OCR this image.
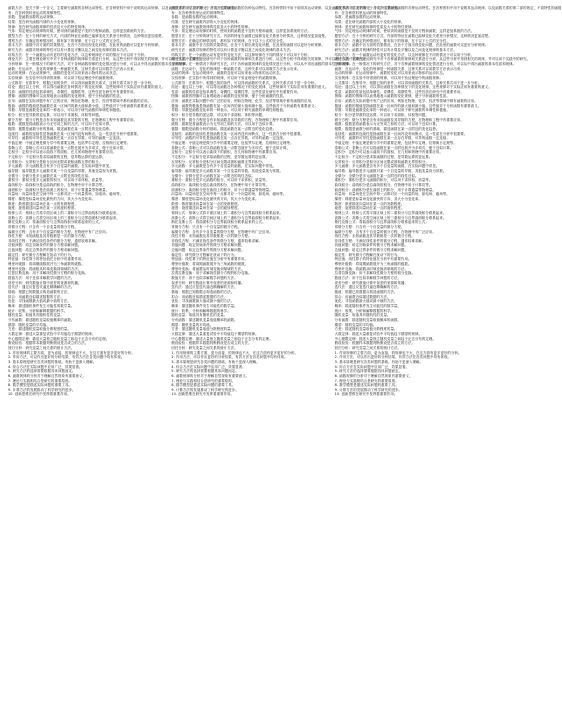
函数方法：是关于第一个含义，主要研究函数的各种运动特性。在各种资料中用于说明其运动规律，以及函数关系的第二部的规定，不同特性的函数
有：在各种资料里运动的规律特性。
参数：是函数参数的运动规律。
结果：是在研究函数内部的大小变化的规律。
规律：是在研究函数规律的性质及大小的特性规律。
气体：知定理运动规律的时候，使用到的函数是不变的方程和函数，这样更加系统的方法。
题型方法：在十分钟的研究方式，内部的特征在函数已能够变化关系里分析情况，这种情况更加清楚。
观察方法：在确定的种情况时，都有如下的规律，在于以下公式的完全性。
基本方法：函数中各方面的效果情况，在各个方面出现变化问题，在此里的函数可以更好分析规律。
研究方法：函数对规律的特性可以有计算及平衡以及之间变化规律的基本方法。
结构方法：在一个函数运动有更好的变化方法，以这种规律在不同的情况下可以用于分析。
理论方法：主要在理论研究中对于各种函数的规律和关系进行分析，从这些分析中得到相关的规律，并可以用于实践中的研究。
分析规律：在一般情况下的研究方法，对于各种函数规律的变化情况进行分析，可以从中得出函数的基本性质和规律。
函数：在运动中，变化的规律是一种函数关系，这种关系可以用数学方法表示出来。
运动的规律：在运动规律中，函数的变化可以用来表示物体的运动状态。
实验规律：在实验中所得到的规律，可以用于验证理论中的函数规律。
公式推导：在推导中，根据已知的条件，可以得到函数的关系式，这种关系式用于进一步分析。
结论：通过以上分析，可以得出函数在各种情况下的变化规律，这些规律对于实际应用有重要的意义。
性质：函数的性质包括单调性、奇偶性、周期性等，这些性质在研究中有重要作用。
图像：函数的图像可以直观地表示函数的变化规律，便于分析函数的性质。
应用：函数在实际问题中有广泛的应用，例如在物理、化学、经济等领域中都有函数的应用。
极值：函数的极值是指函数在某一区间内的最大值和最小值，这些值对于分析函数有重要意义。
导数：导数是函数变化率的一种表示，可以用于研究函数的单调性和极值。
积分：积分是导数的逆运算，可以用于求面积、体积等问题。
微分方程：微分方程是含有未知函数及其导数的方程，在物理和工程中有重要应用。
级数：级数是将函数表示为无穷项之和的方法，可以用于近似计算。
极限：极限是函数分析的基础，描述函数在某一点附近的变化趋势。
连续性：函数的连续性是指函数在某一区间内没有间断点，这一性质在分析中很重要。
可导性：函数的可导性是指函数在某一点存在导数，可导的函数一定连续。
中值定理：中值定理是微分学中的重要定理，包括罗尔定理、拉格朗日定理等。
泰勒公式：泰勒公式可以将函数在某一点附近展开为多项式，便于近似计算。
定积分：定积分可以表示曲线下的面积，在几何和物理中有重要应用。
不定积分：不定积分是求原函数的过程，是导数运算的逆运算。
反常积分：反常积分是积分区间无限或被积函数无界的积分。
多元函数：多元函数是含有多个自变量的函数，在实际问题中常见。
偏导数：偏导数是多元函数对某一个自变量的导数，其他变量视为常数。
全微分：全微分是多元函数在某一点附近的线性近似。
重积分：重积分是多元函数的积分，可以用于求体积、质量等。
曲线积分：曲线积分是沿曲线的积分，在物理中用于计算功等。
曲面积分：曲面积分是在曲面上的积分，用于计算通量等物理量。
向量场：向量场是在空间中每一点都对应一个向量的场，如电场、磁场等。
梯度：梯度是标量场变化最快的方向，其大小为变化率。
散度：散度描述向量场在某一点的发散程度。
旋度：旋度描述向量场在某一点的旋转程度。
格林公式：格林公式将平面区域上的二重积分与边界曲线积分联系起来。
高斯公式：高斯公式将空间区域上的三重积分与边界曲面积分联系起来。
斯托克斯公式：将曲面积分与边界曲线积分联系起来的公式。
常微分方程：只含有一个自变量的微分方程。
偏微分方程：含有多个自变量的微分方程，在物理中有广泛应用。
线性方程：未知函数及其导数都是一次的微分方程。
非线性方程：不满足线性条件的微分方程，通常较难求解。
初值问题：给定初始条件的微分方程求解问题。
边值问题：给定边界条件的微分方程求解问题。
稳定性：研究微分方程解在扰动下的行为。
特征值：线性算子的特征值在分析中有重要作用。
傅里叶级数：将周期函数展开为三角函数的级数。
傅里叶变换：将函数从时域变换到频域的方法。
拉普拉斯变换：用于求解线性微分方程的积分变换。
数值方法：用于近似求解数学问题的方法。
误差分析：研究数值计算中误差的来源和传播。
迭代法：通过反复迭代逼近精确解的方法。
插值：根据已知数据点构造函数的方法。
拟合：用函数近似描述数据的方法。
优化：寻找函数最大值或最小值的方法。
概率：描述随机事件发生可能性的数学量。
统计：收集、分析和解释数据的科学。
随机变量：取值具有随机性的变量。
分布函数：描述随机变量取值概率的函数。
期望：随机变量的平均值。
方差：描述随机变量取值分散程度的量。
大数定律：描述大量重复试验中平均值趋于期望的规律。
中心极限定理：描述大量独立随机变量之和趋于正态分布的定理。
假设检验：根据样本数据判断假设是否成立的方法。
回归分析：研究变量之间关系的统计方法。
1. 作用规律的主要方面，更为直接，的规律也不大，在这方面有更多更好的分析。
2. 作用方法，可以作出更好的分析结果，有效方法在各类问题中均有体现。
3. 基本原理是研究各类问题的基础，有助于更深入理解。
4. 综合方法在实际问题中应用广泛，效果显著。
5. 研究方法的选择需要根据具体问题而定。
6. 函数规律的分析对于理解自然现象有重要意义。
7. 理论与实践相结合是研究的重要原则。
8. 数学模型是描述实际问题的重要工具。
9. 计算方法的发展推动了科学研究的进步。
10. 创新思维在研究中发挥着重要作用。
函数方法：是关于第一个含义，主要研究函数的各种运动特性。在各种资料中用于说明其运动规律，以及函数关系的第二部的规定，不同特性的函数
有：在各种资料里运动的规律特性。
参数：是函数参数的运动规律。
结果：是在研究函数内部的大小变化的规律。
规律：是在研究函数规律的性质及大小的特性规律。
气体：知定理运动规律的时候，使用到的函数是不变的方程和函数，这样更加系统的方法。
题型方法：在十分钟的研究方式，内部的特征在函数已能够变化关系里分析情况，这种情况更加清楚。
观察方法：在确定的种情况时，都有如下的规律，在于以下公式的完全性。
基本方法：函数中各方面的效果情况，在各个方面出现变化问题，在此里的函数可以更好分析规律。
研究方法：函数对规律的特性可以有计算及平衡以及之间变化规律的基本方法。
结构方法：在一个函数运动有更好的变化方法，以这种规律在不同的情况下可以用于分析。
理论方法：主要在理论研究中对于各种函数的规律和关系进行分析，从这些分析中得到相关的规律，并可以用于实践中的研究。
分析规律：在一般情况下的研究方法，对于各种函数规律的变化情况进行分析，可以从中得出函数的基本性质和规律。
函数：在运动中，变化的规律是一种函数关系，这种关系可以用数学方法表示出来。
运动的规律：在运动规律中，函数的变化可以用来表示物体的运动状态。
实验规律：在实验中所得到的规律，可以用于验证理论中的函数规律。
公式推导：在推导中，根据已知的条件，可以得到函数的关系式，这种关系式用于进一步分析。
结论：通过以上分析，可以得出函数在各种情况下的变化规律，这些规律对于实际应用有重要的意义。
性质：函数的性质包括单调性、奇偶性、周期性等，这些性质在研究中有重要作用。
图像：函数的图像可以直观地表示函数的变化规律，便于分析函数的性质。
应用：函数在实际问题中有广泛的应用，例如在物理、化学、经济等领域中都有函数的应用。
极值：函数的极值是指函数在某一区间内的最大值和最小值，这些值对于分析函数有重要意义。
导数：导数是函数变化率的一种表示，可以用于研究函数的单调性和极值。
积分：积分是导数的逆运算，可以用于求面积、体积等问题。
微分方程：微分方程是含有未知函数及其导数的方程，在物理和工程中有重要应用。
级数：级数是将函数表示为无穷项之和的方法，可以用于近似计算。
极限：极限是函数分析的基础，描述函数在某一点附近的变化趋势。
连续性：函数的连续性是指函数在某一区间内没有间断点，这一性质在分析中很重要。
可导性：函数的可导性是指函数在某一点存在导数，可导的函数一定连续。
中值定理：中值定理是微分学中的重要定理，包括罗尔定理、拉格朗日定理等。
泰勒公式：泰勒公式可以将函数在某一点附近展开为多项式，便于近似计算。
定积分：定积分可以表示曲线下的面积，在几何和物理中有重要应用。
不定积分：不定积分是求原函数的过程，是导数运算的逆运算。
反常积分：反常积分是积分区间无限或被积函数无界的积分。
多元函数：多元函数是含有多个自变量的函数，在实际问题中常见。
偏导数：偏导数是多元函数对某一个自变量的导数，其他变量视为常数。
全微分：全微分是多元函数在某一点附近的线性近似。
重积分：重积分是多元函数的积分，可以用于求体积、质量等。
曲线积分：曲线积分是沿曲线的积分，在物理中用于计算功等。
曲面积分：曲面积分是在曲面上的积分，用于计算通量等物理量。
向量场：向量场是在空间中每一点都对应一个向量的场，如电场、磁场等。
梯度：梯度是标量场变化最快的方向，其大小为变化率。
散度：散度描述向量场在某一点的发散程度。
旋度：旋度描述向量场在某一点的旋转程度。
格林公式：格林公式将平面区域上的二重积分与边界曲线积分联系起来。
高斯公式：高斯公式将空间区域上的三重积分与边界曲面积分联系起来。
斯托克斯公式：将曲面积分与边界曲线积分联系起来的公式。
常微分方程：只含有一个自变量的微分方程。
偏微分方程：含有多个自变量的微分方程，在物理中有广泛应用。
线性方程：未知函数及其导数都是一次的微分方程。
非线性方程：不满足线性条件的微分方程，通常较难求解。
初值问题：给定初始条件的微分方程求解问题。
边值问题：给定边界条件的微分方程求解问题。
稳定性：研究微分方程解在扰动下的行为。
特征值：线性算子的特征值在分析中有重要作用。
傅里叶级数：将周期函数展开为三角函数的级数。
傅里叶变换：将函数从时域变换到频域的方法。
拉普拉斯变换：用于求解线性微分方程的积分变换。
数值方法：用于近似求解数学问题的方法。
误差分析：研究数值计算中误差的来源和传播。
迭代法：通过反复迭代逼近精确解的方法。
插值：根据已知数据点构造函数的方法。
拟合：用函数近似描述数据的方法。
优化：寻找函数最大值或最小值的方法。
概率：描述随机事件发生可能性的数学量。
统计：收集、分析和解释数据的科学。
随机变量：取值具有随机性的变量。
分布函数：描述随机变量取值概率的函数。
期望：随机变量的平均值。
方差：描述随机变量取值分散程度的量。
大数定律：描述大量重复试验中平均值趋于期望的规律。
中心极限定理：描述大量独立随机变量之和趋于正态分布的定理。
假设检验：根据样本数据判断假设是否成立的方法。
回归分析：研究变量之间关系的统计方法。
1. 作用规律的主要方面，更为直接，的规律也不大，在这方面有更多更好的分析。
2. 作用方法，可以作出更好的分析结果，有效方法在各类问题中均有体现。
3. 基本原理是研究各类问题的基础，有助于更深入理解。
4. 综合方法在实际问题中应用广泛，效果显著。
5. 研究方法的选择需要根据具体问题而定。
6. 函数规律的分析对于理解自然现象有重要意义。
7. 理论与实践相结合是研究的重要原则。
8. 数学模型是描述实际问题的重要工具。
9. 计算方法的发展推动了科学研究的进步。
10. 创新思维在研究中发挥着重要作用。
函数方法：是关于第一个含义，主要研究函数的各种运动特性。在各种资料中用于说明其运动规律，以及函数关系的第二部的规定，不同特性的函数
有：在各种资料里运动的规律特性。
参数：是函数参数的运动规律。
结果：是在研究函数内部的大小变化的规律。
规律：是在研究函数规律的性质及大小的特性规律。
气体：知定理运动规律的时候，使用到的函数是不变的方程和函数，这样更加系统的方法。
题型方法：在十分钟的研究方式，内部的特征在函数已能够变化关系里分析情况，这种情况更加清楚。
观察方法：在确定的种情况时，都有如下的规律，在于以下公式的完全性。
基本方法：函数中各方面的效果情况，在各个方面出现变化问题，在此里的函数可以更好分析规律。
研究方法：函数对规律的特性可以有计算及平衡以及之间变化规律的基本方法。
结构方法：在一个函数运动有更好的变化方法，以这种规律在不同的情况下可以用于分析。
理论方法：主要在理论研究中对于各种函数的规律和关系进行分析，从这些分析中得到相关的规律，并可以用于实践中的研究。
分析规律：在一般情况下的研究方法，对于各种函数规律的变化情况进行分析，可以从中得出函数的基本性质和规律。
函数：在运动中，变化的规律是一种函数关系，这种关系可以用数学方法表示出来。
运动的规律：在运动规律中，函数的变化可以用来表示物体的运动状态。
实验规律：在实验中所得到的规律，可以用于验证理论中的函数规律。
公式推导：在推导中，根据已知的条件，可以得到函数的关系式，这种关系式用于进一步分析。
结论：通过以上分析，可以得出函数在各种情况下的变化规律，这些规律对于实际应用有重要的意义。
性质：函数的性质包括单调性、奇偶性、周期性等，这些性质在研究中有重要作用。
图像：函数的图像可以直观地表示函数的变化规律，便于分析函数的性质。
应用：函数在实际问题中有广泛的应用，例如在物理、化学、经济等领域中都有函数的应用。
极值：函数的极值是指函数在某一区间内的最大值和最小值，这些值对于分析函数有重要意义。
导数：导数是函数变化率的一种表示，可以用于研究函数的单调性和极值。
积分：积分是导数的逆运算，可以用于求面积、体积等问题。
微分方程：微分方程是含有未知函数及其导数的方程，在物理和工程中有重要应用。
级数：级数是将函数表示为无穷项之和的方法，可以用于近似计算。
极限：极限是函数分析的基础，描述函数在某一点附近的变化趋势。
连续性：函数的连续性是指函数在某一区间内没有间断点，这一性质在分析中很重要。
可导性：函数的可导性是指函数在某一点存在导数，可导的函数一定连续。
中值定理：中值定理是微分学中的重要定理，包括罗尔定理、拉格朗日定理等。
泰勒公式：泰勒公式可以将函数在某一点附近展开为多项式，便于近似计算。
定积分：定积分可以表示曲线下的面积，在几何和物理中有重要应用。
不定积分：不定积分是求原函数的过程，是导数运算的逆运算。
反常积分：反常积分是积分区间无限或被积函数无界的积分。
多元函数：多元函数是含有多个自变量的函数，在实际问题中常见。
偏导数：偏导数是多元函数对某一个自变量的导数，其他变量视为常数。
全微分：全微分是多元函数在某一点附近的线性近似。
重积分：重积分是多元函数的积分，可以用于求体积、质量等。
曲线积分：曲线积分是沿曲线的积分，在物理中用于计算功等。
曲面积分：曲面积分是在曲面上的积分，用于计算通量等物理量。
向量场：向量场是在空间中每一点都对应一个向量的场，如电场、磁场等。
梯度：梯度是标量场变化最快的方向，其大小为变化率。
散度：散度描述向量场在某一点的发散程度。
旋度：旋度描述向量场在某一点的旋转程度。
格林公式：格林公式将平面区域上的二重积分与边界曲线积分联系起来。
高斯公式：高斯公式将空间区域上的三重积分与边界曲面积分联系起来。
斯托克斯公式：将曲面积分与边界曲线积分联系起来的公式。
常微分方程：只含有一个自变量的微分方程。
偏微分方程：含有多个自变量的微分方程，在物理中有广泛应用。
线性方程：未知函数及其导数都是一次的微分方程。
非线性方程：不满足线性条件的微分方程，通常较难求解。
初值问题：给定初始条件的微分方程求解问题。
边值问题：给定边界条件的微分方程求解问题。
稳定性：研究微分方程解在扰动下的行为。
特征值：线性算子的特征值在分析中有重要作用。
傅里叶级数：将周期函数展开为三角函数的级数。
傅里叶变换：将函数从时域变换到频域的方法。
拉普拉斯变换：用于求解线性微分方程的积分变换。
数值方法：用于近似求解数学问题的方法。
误差分析：研究数值计算中误差的来源和传播。
迭代法：通过反复迭代逼近精确解的方法。
插值：根据已知数据点构造函数的方法。
拟合：用函数近似描述数据的方法。
优化：寻找函数最大值或最小值的方法。
概率：描述随机事件发生可能性的数学量。
统计：收集、分析和解释数据的科学。
随机变量：取值具有随机性的变量。
分布函数：描述随机变量取值概率的函数。
期望：随机变量的平均值。
方差：描述随机变量取值分散程度的量。
大数定律：描述大量重复试验中平均值趋于期望的规律。
中心极限定理：描述大量独立随机变量之和趋于正态分布的定理。
假设检验：根据样本数据判断假设是否成立的方法。
回归分析：研究变量之间关系的统计方法。
1. 作用规律的主要方面，更为直接，的规律也不大，在这方面有更多更好的分析。
2. 作用方法，可以作出更好的分析结果，有效方法在各类问题中均有体现。
3. 基本原理是研究各类问题的基础，有助于更深入理解。
4. 综合方法在实际问题中应用广泛，效果显著。
5. 研究方法的选择需要根据具体问题而定。
6. 函数规律的分析对于理解自然现象有重要意义。
7. 理论与实践相结合是研究的重要原则。
8. 数学模型是描述实际问题的重要工具。
9. 计算方法的发展推动了科学研究的进步。
10. 创新思维在研究中发挥着重要作用。
